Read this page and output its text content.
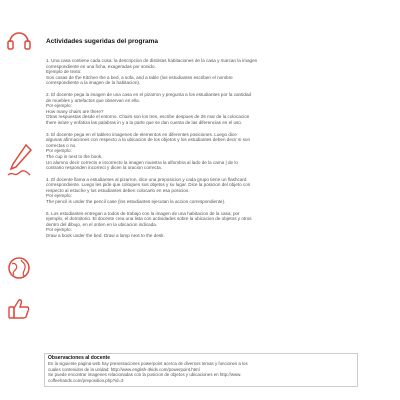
Actividades sugeridas del programa

1. Una casa contiene cada cosa: la descripcion de distintas habitaciones de la casa y marcan la imagen

correspondiente en una ficha, exageradas por sonido.

Ejemplo de texto:

Son cosas de the Kitchen the a bed, a sofa, and a table (los estudiantes escriben el nombre

correspondiente a la imagen de la habitacion).

2. El docente pega la imagen de una casa en el pizarron y pregunta a los estudiantes por la cantidad

de muebles y artefactos que observan en ella.

Por ejemplo:

How many chairs are there?

Otras respuestas desde el entorno. Chairs son los tres, escribe despues de 26 mar de la colocacion

there is/are y enfatiza las palabras in y a la parte que se dan cuenta de las diferencias en el uso.

3. El docente pega en el tablero imagenes de elementos en diferentes posiciones. Luego dice

algunas afirmaciones con respecto a la ubicacion de los objetos y los estudiantes deben decir si son

correctas o no.

Por ejemplo:

The cup is next to the book.

Un alumno decir correcto e incorrecto la imagen muestra la alfombra al lado de la cama | de lo

contrario responden incorrect y dicen la oracion correcta.

4. El docente llama a estudiantes al pizarron, dice una preposicion y cada grupo tiene un flashcard

correspondiente. Luego les pide que coloquen sus objetos y su lugar. Dice la posicion del objeto con

respecto al estuche y los estudiantes deben colocarlo en esa posicion.

Por ejemplo:

The pencil is under the pencil case (los estudiantes ejecutan la accion correspondiente).

5. Los estudiantes entregan a todos de trabajo con la imagen de una habitacion de la casa; por

ejemplo, el dormitorio. El docente crea una lista con actividades sobre la ubicacion de objetos y otros

dentro del dibujo, en el orden en la ubicacion indicada.

Por ejemplo:

Draw a book under the bed. Draw a lamp next to the desk.

Observaciones al docente

En la siguiente pagina web hay presentaciones powerpoint acerca de diversos temas y funciones a los

cuales contenidos de la unidad: http://www.english-4kids.com/powerpoint.html

Se puede encontrar imagenes relacionadas con la posicion de objetos y ubicaciones en http://www.

coffeehands.com/preposition.php?id=3
